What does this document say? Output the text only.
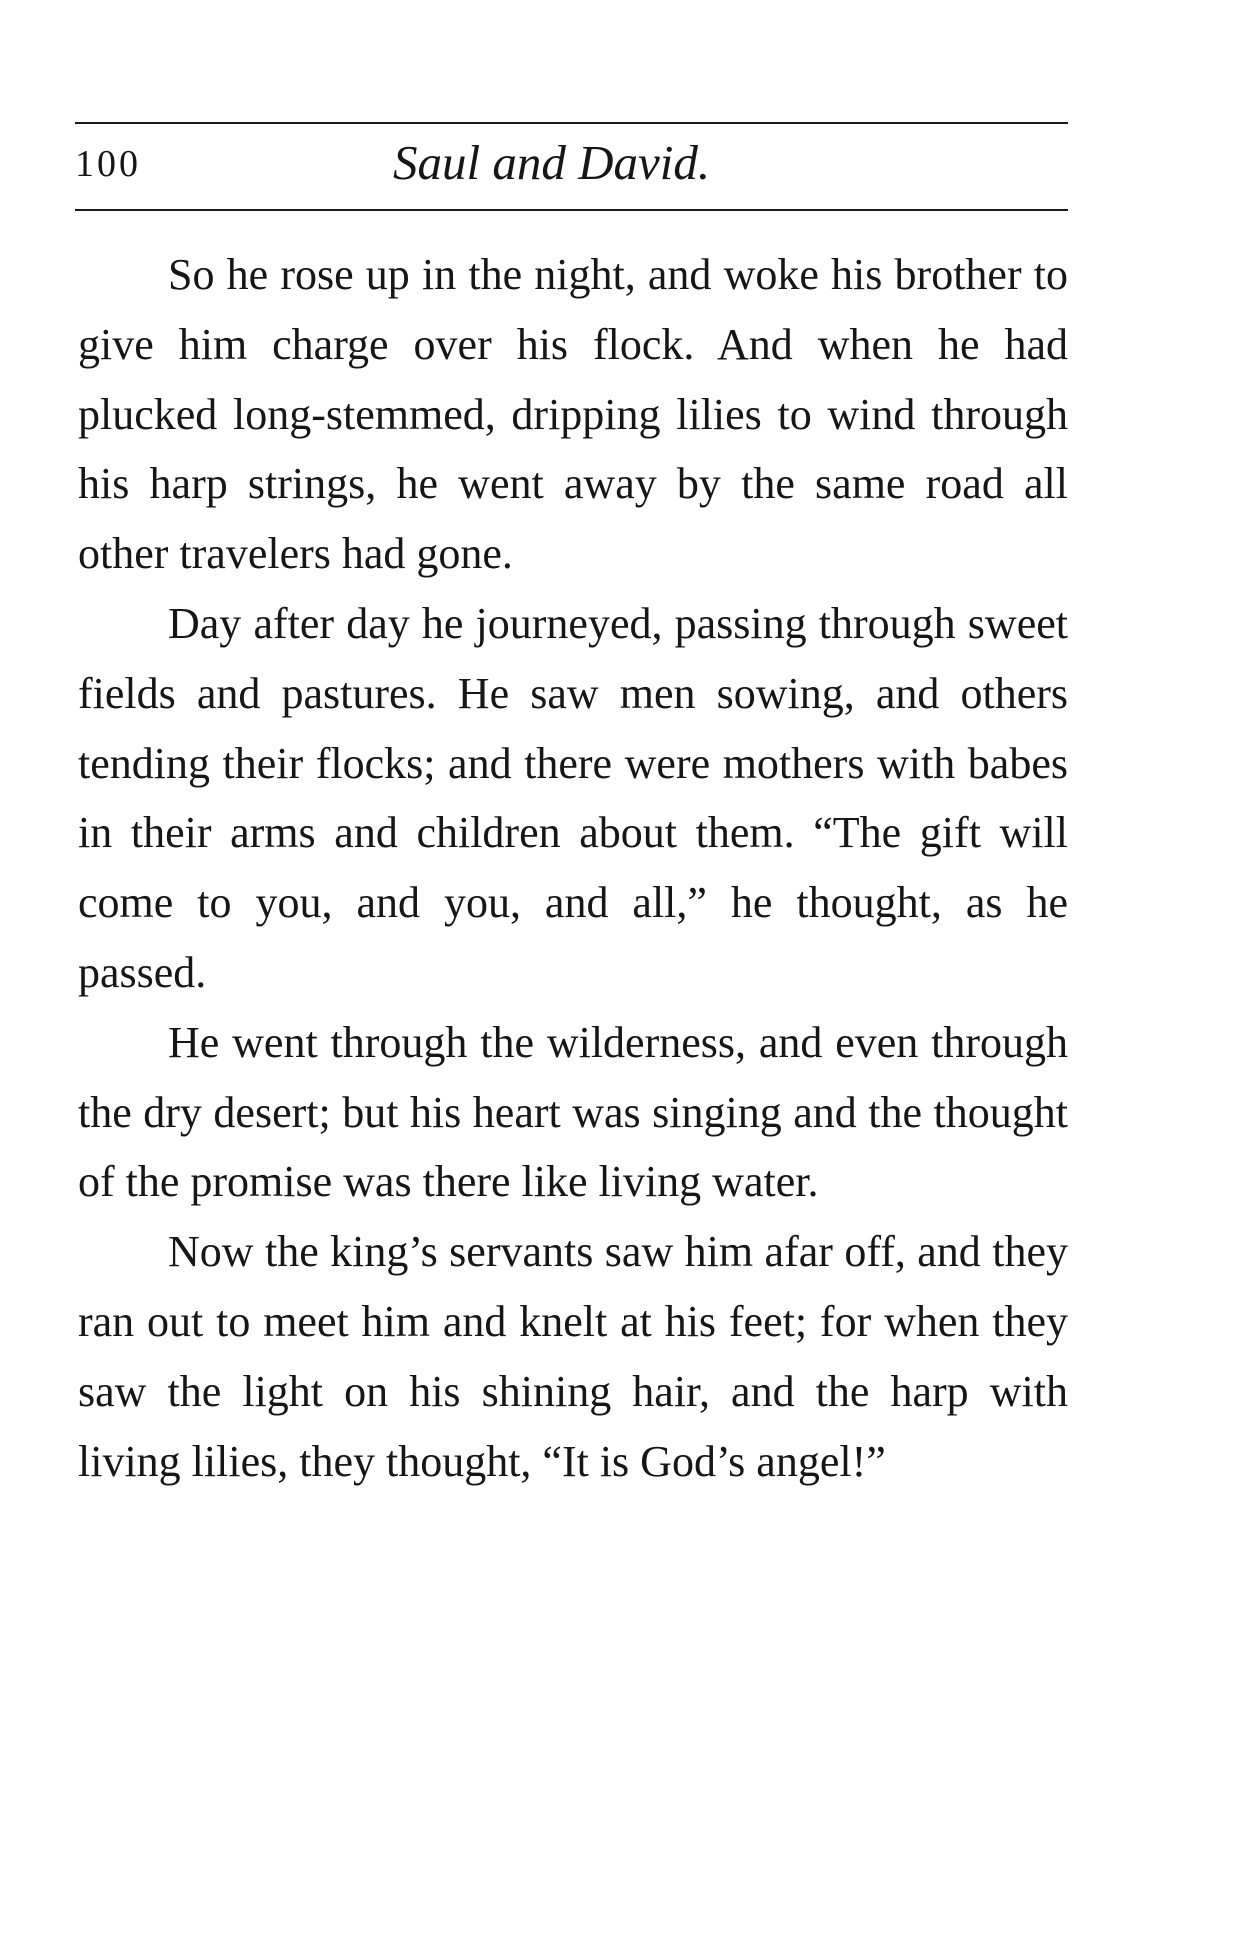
100	Saul and David.

So he rose up in the night, and woke his brother to give him charge over his flock. And when he had plucked long-stemmed, dripping lilies to wind through his harp strings, he went away by the same road all other travelers had gone.

Day after day he journeyed, passing through sweet fields and pastures. He saw men sowing, and others tending their flocks; and there were mothers with babes in their arms and children about them. “The gift will come to you, and you, and all,” he thought, as he passed.

He went through the wilderness, and even through the dry desert; but his heart was singing and the thought of the promise was there like living water.

Now the king’s servants saw him afar off, and they ran out to meet him and knelt at his feet; for when they saw the light on his shining hair, and the harp with living lilies, they thought, “It is God’s angel!”
